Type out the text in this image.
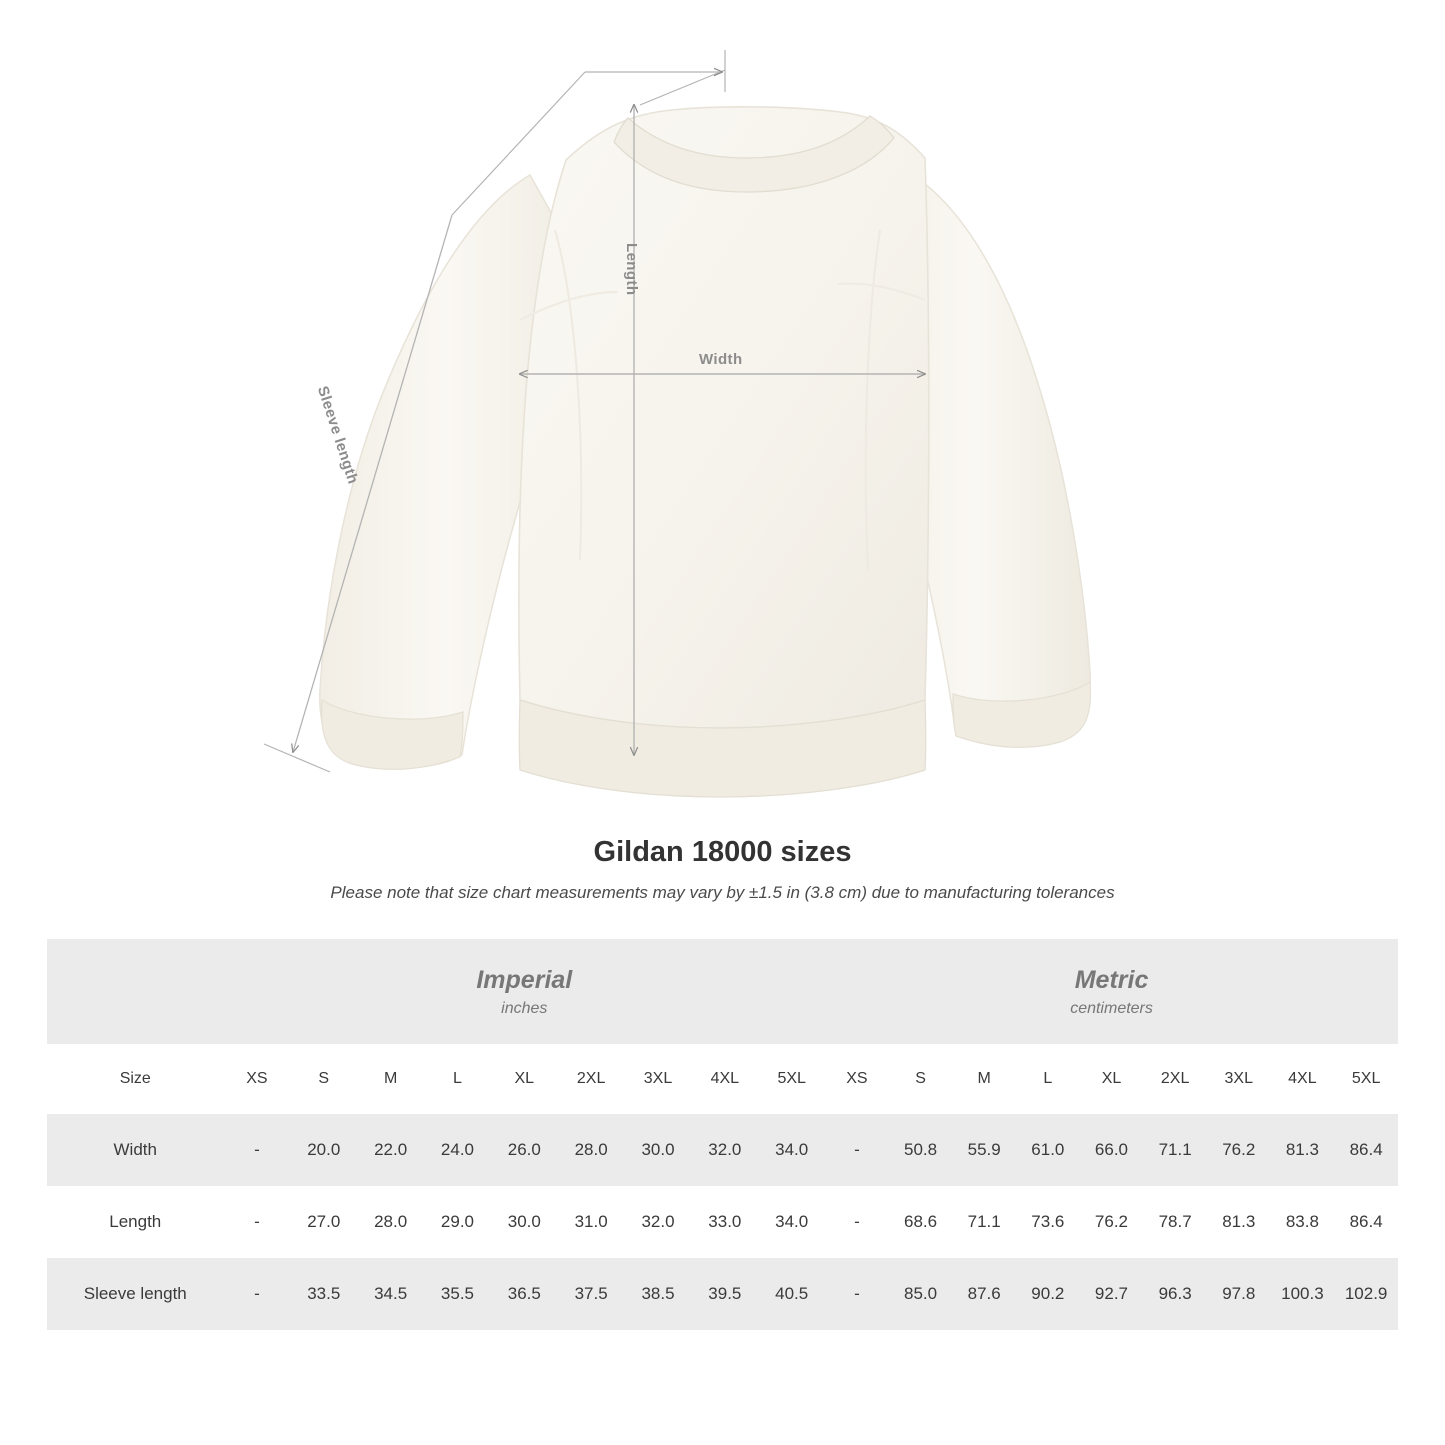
Length
Width
Sleeve length
Gildan 18000 sizes

Please note that size chart measurements may vary by ±1.5 in (3.8 cm) due to manufacturing tolerances

Imperial
inches

Metric
centimeters

Size	XS	S	M	L	XL	2XL	3XL	4XL	5XL	XS	S	M	L	XL	2XL	3XL	4XL	5XL
Width	-	20.0	22.0	24.0	26.0	28.0	30.0	32.0	34.0	-	50.8	55.9	61.0	66.0	71.1	76.2	81.3	86.4
Length	-	27.0	28.0	29.0	30.0	31.0	32.0	33.0	34.0	-	68.6	71.1	73.6	76.2	78.7	81.3	83.8	86.4
Sleeve length	-	33.5	34.5	35.5	36.5	37.5	38.5	39.5	40.5	-	85.0	87.6	90.2	92.7	96.3	97.8	100.3	102.9
